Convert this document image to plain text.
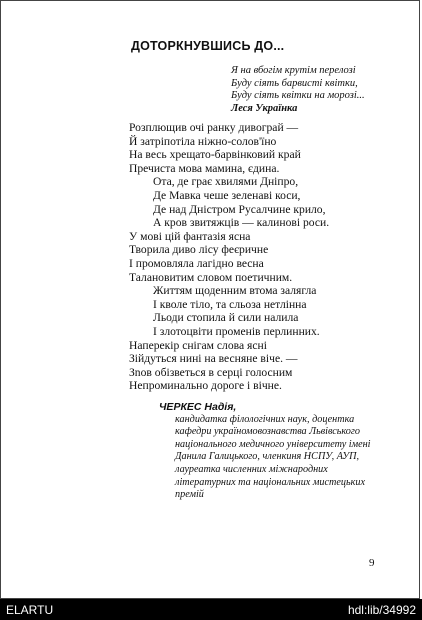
ДОТОРКНУВШИСЬ ДО...
Я на вбогім крутім перелозі
Буду сіять барвисті квітки,
Буду сіять квітки на морозі...
Леся Українка
Розплющив очі ранку дивограй —
Й затріпотіла ніжно-солов'їно
На весь хрещато-барвінковий край
Пречиста мова мамина, єдина.
Ота, де грає хвилями Дніпро,
Де Мавка чеше зеленаві коси,
Де над Дністром Русалчине крило,
А кров звитяжців — калинові роси.
У мові цій фантазія ясна
Творила диво лісу феєричне
І промовляла лагідно весна
Талановитим словом поетичним.
Життям щоденним втома залягла
І кволе тіло, та сльоза нетлінна
Льоди стопила й сили налила
І злотоцвіти променів перлинних.
Наперекір снігам слова ясні
Зійдуться нині на весняне віче. —
Зnов обізветься в серці голосним
Непроминально дороге і вічне.
ЧЕРКЕС Надія,
кандидатка філологічних наук, доцентка кафедри україномовознавства Львівського національного медичного університету імені Данила Галицького, членкиня НСПУ, АУП, лауреатка численних міжнародних літературних та національних мистецьких премій
9
ELARTU	hdl:lib/34992
